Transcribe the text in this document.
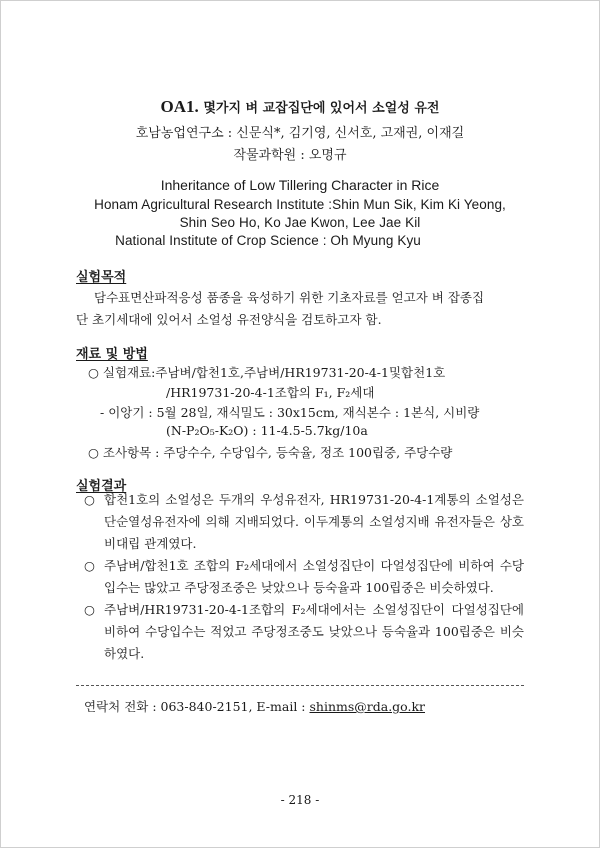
OA1. 몇가지 벼 교잡집단에 있어서 소얼성 유전
호남농업연구소 : 신문식*, 김기영, 신서호, 고재권, 이재길
작물과학원 : 오명규
Inheritance of Low Tillering Character in Rice
Honam Agricultural Research Institute :Shin Mun Sik, Kim Ki Yeong,
Shin Seo Ho, Ko Jae Kwon, Lee Jae Kil
National Institute of Crop Science : Oh Myung Kyu
실험목적
담수표면산파적응성 품종을 육성하기 위한 기초자료를 얻고자 벼 잡종집
단 초기세대에 있어서 소얼성 유전양식을 검토하고자 함.
재료 및 방법
○ 실험재료:주남벼/합천1호,주남벼/HR19731-20-4-1및합천1호
/HR19731-20-4-1조합의 F₁, F₂세대
- 이앙기 : 5월 28일, 재식밀도 : 30x15cm, 재식본수 : 1본식, 시비량
(N-P₂O₅-K₂O) : 11-4.5-5.7kg/10a
○ 조사항목 : 주당수수, 수당입수, 등숙율, 정조 100립중, 주당수량
실험결과
○ 합천1호의 소얼성은 두개의 우성유전자, HR19731-20-4-1계통의 소얼성은 단순열성유전자에 의해 지배되었다. 이두계통의 소얼성지배 유전자들은 상호 비대립 관계였다.
○ 주남벼/합천1호 조합의 F₂세대에서 소얼성집단이 다얼성집단에 비하여 수당입수는 많았고 주당정조중은 낮았으나 등숙율과 100립중은 비슷하였다.
○ 주남벼/HR19731-20-4-1조합의 F₂세대에서는 소얼성집단이 다얼성집단에 비하여 수당입수는 적었고 주당정조중도 낮았으나 등숙율과 100립중은 비슷하였다.
연락처 전화 : 063-840-2151, E-mail : shinms@rda.go.kr
- 218 -
